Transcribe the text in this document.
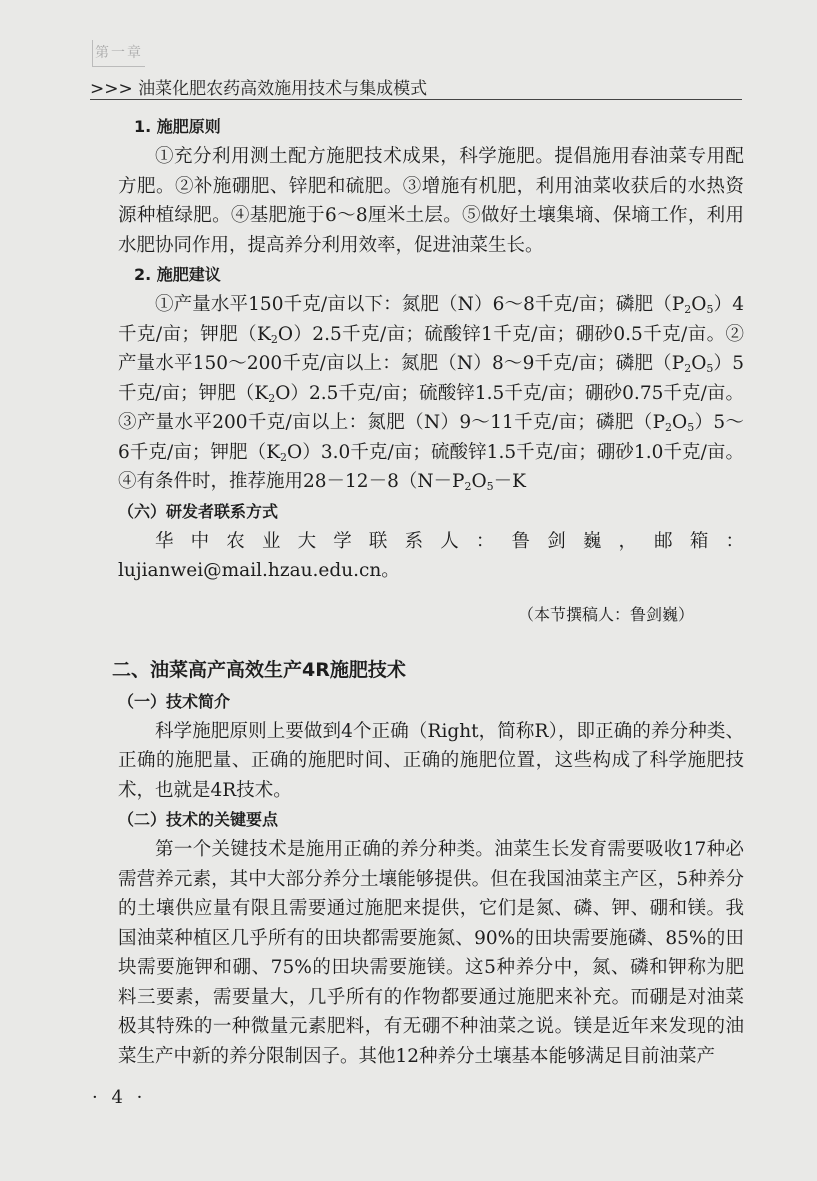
第一章
>>> 油菜化肥农药高效施用技术与集成模式
1. 施肥原则

①充分利用测土配方施肥技术成果，科学施肥。提倡施用春油菜专用配方肥。②补施硼肥、锌肥和硫肥。③增施有机肥，利用油菜收获后的水热资源种植绿肥。④基肥施于6～8厘米土层。⑤做好土壤集墒、保墒工作，利用水肥协同作用，提高养分利用效率，促进油菜生长。

2. 施肥建议

①产量水平150千克/亩以下：氮肥（N）6～8千克/亩；磷肥$(P_2O_5)4$千克/亩；钾肥$(K_2O)2.5$千克/亩；硫酸锌1千克/亩；硼砂0.5千克/亩。②产量水平150～200千克/亩以上：氮肥（N）8～9千克/亩；磷肥$(P_2O_5)5$千克/亩；钾肥$(K_2O)2.5$千克/亩；硫酸锌1.5千克/亩；硼砂0.75千克/亩。③产量水平200千克/亩以上：氮肥（N）9～11千克/亩；磷肥$(P_2O_5)5\sim 6$千克/亩；钾肥$(K_2O)3.0$千克/亩；硫酸锌1.5千克/亩；硼砂1.0千克/亩。④有条件时，推荐施用$28-12-8(N-P_2O_5-K$

（六）研发者联系方式

华中农业大学联系人：鲁剑巍，邮箱：lujianwei@mail.hzau.edu.cn。

（本节撰稿人：鲁剑巍）
二、油菜高产高效生产4R施肥技术
（一）技术简介

科学施肥原则上要做到4个正确（Right，简称R），即正确的养分种类、正确的施肥量、正确的施肥时间、正确的施肥位置，这些构成了科学施肥技术，也就是4R技术。

（二）技术的关键要点

第一个关键技术是施用正确的养分种类。油菜生长发育需要吸收17种必需营养元素，其中大部分养分土壤能够提供。但在我国油菜主产区，5种养分的土壤供应量有限且需要通过施肥来提供，它们是氮、磷、钾、硼和镁。我国油菜种植区几乎所有的田块都需要施氮、90%的田块需要施磷、85%的田块需要施钾和硼、75%的田块需要施镁。这5种养分中，氮、磷和钾称为肥料三要素，需要量大，几乎所有的作物都要通过施肥来补充。而硼是对油菜极其特殊的一种微量元素肥料，有无硼不种油菜之说。镁是近年来发现的油菜生产中新的养分限制因子。其他12种养分土壤基本能够满足目前油菜产

· 4 ·
